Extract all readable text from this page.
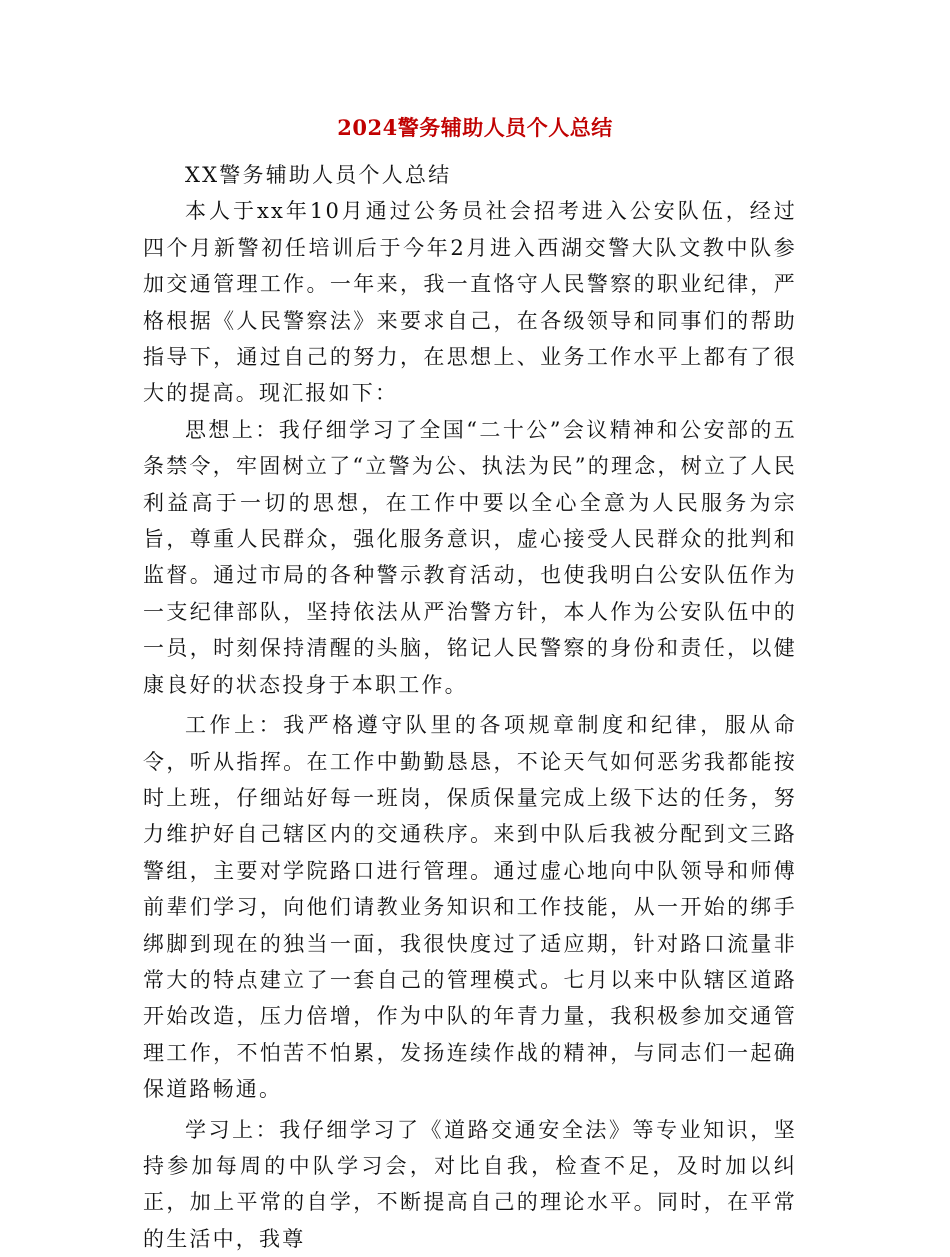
2024警务辅助人员个人总结

XX警务辅助人员个人总结

本人于xx年10月通过公务员社会招考进入公安队伍，经过四个月新警初任培训后于今年2月进入西湖交警大队文教中队参加交通管理工作。一年来，我一直恪守人民警察的职业纪律，严格根据《人民警察法》来要求自己，在各级领导和同事们的帮助指导下，通过自己的努力，在思想上、业务工作水平上都有了很大的提高。现汇报如下：

思想上：我仔细学习了全国“二十公”会议精神和公安部的五条禁令，牢固树立了“立警为公、执法为民”的理念，树立了人民利益高于一切的思想，在工作中要以全心全意为人民服务为宗旨，尊重人民群众，强化服务意识，虚心接受人民群众的批判和监督。通过市局的各种警示教育活动，也使我明白公安队伍作为一支纪律部队，坚持依法从严治警方针，本人作为公安队伍中的一员，时刻保持清醒的头脑，铭记人民警察的身份和责任，以健康良好的状态投身于本职工作。

工作上：我严格遵守队里的各项规章制度和纪律，服从命令，听从指挥。在工作中勤勤恳恳，不论天气如何恶劣我都能按时上班，仔细站好每一班岗，保质保量完成上级下达的任务，努力维护好自己辖区内的交通秩序。来到中队后我被分配到文三路警组，主要对学院路口进行管理。通过虚心地向中队领导和师傅前辈们学习，向他们请教业务知识和工作技能，从一开始的绑手绑脚到现在的独当一面，我很快度过了适应期，针对路口流量非常大的特点建立了一套自己的管理模式。七月以来中队辖区道路开始改造，压力倍增，作为中队的年青力量，我积极参加交通管理工作，不怕苦不怕累，发扬连续作战的精神，与同志们一起确保道路畅通。

学习上：我仔细学习了《道路交通安全法》等专业知识，坚持参加每周的中队学习会，对比自我，检查不足，及时加以纠正，加上平常的自学，不断提高自己的理论水平。同时，在平常的生活中，我尊
